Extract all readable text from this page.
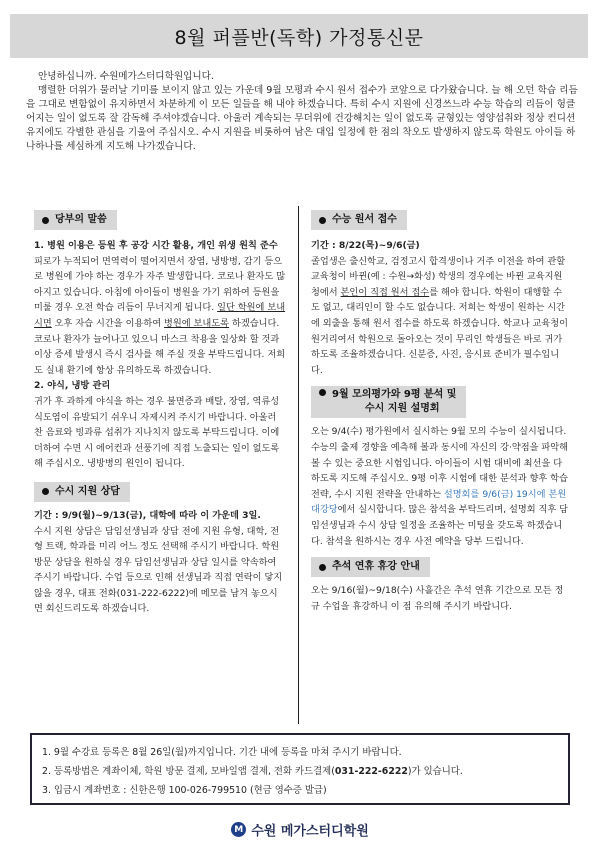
8월 퍼플반(독학) 가정통신문

안녕하십니까. 수원메가스터디학원입니다.

맹렬한 더위가 물러날 기미를 보이지 않고 있는 가운데 9월 모평과 수시 원서 접수가 코앞으로 다가왔습니다. 늘 해 오던 학습 리듬을 그대로 변함없이 유지하면서 차분하게 이 모든 일들을 해 내야 하겠습니다. 특히 수시 지원에 신경쓰느라 수능 학습의 리듬이 헝클어지는 일이 없도록 잘 감독해 주셔야겠습니다. 아울러 계속되는 무더위에 건강해치는 일이 없도록 균형있는 영양섭취와 정상 컨디션 유지에도 각별한 관심을 기울여 주십시오. 수시 지원을 비롯하여 남은 대입 일정에 한 점의 착오도 발생하지 않도록 학원도 아이들 하나하나를 세심하게 지도해 나가겠습니다.

당부의 말씀

1. 병원 이용은 등원 후 공강 시간 활용, 개인 위생 원칙 준수

피로가 누적되어 면역력이 떨어지면서 장염, 냉방병, 감기 등으로 병원에 가야 하는 경우가 자주 발생합니다. 코로나 환자도 많아지고 있습니다. 아침에 아이들이 병원을 가기 위하여 등원을 미룰 경우 오전 학습 리듬이 무너지게 됩니다. 일단 학원에 보내시면 오후 자습 시간을 이용하여 병원에 보내도록 하겠습니다. 코로나 환자가 늘어나고 있으니 마스크 착용을 일상화 할 것과 이상 증세 발생시 즉시 검사를 해 주실 것을 부탁드립니다. 저희도 실내 환기에 항상 유의하도록 하겠습니다.

2. 야식, 냉방 관리

귀가 후 과하게 야식을 하는 경우 불면증과 배탈, 장염, 역류성 식도염이 유발되기 쉬우니 자제시켜 주시기 바랍니다. 아울러 찬 음료와 빙과류 섭취가 지나치지 않도록 부탁드립니다. 이에 더하여 수면 시 에어컨과 선풍기에 직접 노출되는 일이 없도록 해 주십시오. 냉방병의 원인이 됩니다.

수시 지원 상담

기간 : 9/9(월)~9/13(금), 대학에 따라 이 가운데 3일.

수시 지원 상담은 담임선생님과 상담 전에 지원 유형, 대학, 전형 트랙, 학과를 미리 어느 정도 선택해 주시기 바랍니다. 학원 방문 상담을 원하실 경우 담임선생님과 상담 일시를 약속하여 주시기 바랍니다. 수업 등으로 인해 선생님과 직접 연락이 닿지 않을 경우, 대표 전화(031-222-6222)에 메모를 남겨 놓으시면 회신드리도록 하겠습니다.

수능 원서 접수

기간 : 8/22(목)~9/6(금)

졸업생은 출신학교, 검정고시 합격생이나 거주 이전을 하여 관할 교육청이 바뀐(예 : 수원→화성) 학생의 경우에는 바뀐 교육지원청에서 본인이 직접 원서 접수를 해야 합니다. 학원이 대행할 수도 없고, 대리인이 할 수도 없습니다. 저희는 학생이 원하는 시간에 외출을 통해 원서 접수를 하도록 하겠습니다. 학교나 교육청이 원거리여서 학원으로 돌아오는 것이 무리인 학생들은 바로 귀가하도록 조율하겠습니다. 신분증, 사진, 응시료 준비가 필수입니다.

9월 모의평가와 9평 분석 및
수시 지원 설명회

오는 9/4(수) 평가원에서 실시하는 9월 모의 수능이 실시됩니다. 수능의 출제 경향을 예측해 볼과 동시에 자신의 강·약점을 파악해 볼 수 있는 중요한 시험입니다. 아이들이 시험 대비에 최선을 다하도록 지도해 주십시오. 9평 이후 시험에 대한 분석과 향후 학습 전략, 수시 지원 전략을 안내하는 설명회를 9/6(금) 19시에 본원 대강당에서 실시합니다. 많은 참석을 부탁드리며, 설명회 직후 담임선생님과 수시 상담 일정을 조율하는 미팅을 갖도록 하겠습니다. 참석을 원하시는 경우 사전 예약을 당부 드립니다.

추석 연휴 휴강 안내

오는 9/16(월)~9/18(수) 사흘간은 추석 연휴 기간으로 모든 정규 수업을 휴강하니 이 점 유의해 주시기 바랍니다.

1. 9월 수강료 등록은 8월 26일(월)까지입니다. 기간 내에 등록을 마쳐 주시기 바랍니다.

2. 등록방법은 계좌이체, 학원 방문 결제, 모바일앱 결제, 전화 카드결제(031-222-6222)가 있습니다.

3. 입금시 계좌번호 : 신한은행 100-026-799510 (현금 영수증 발급)

M 수원 메가스터디학원
